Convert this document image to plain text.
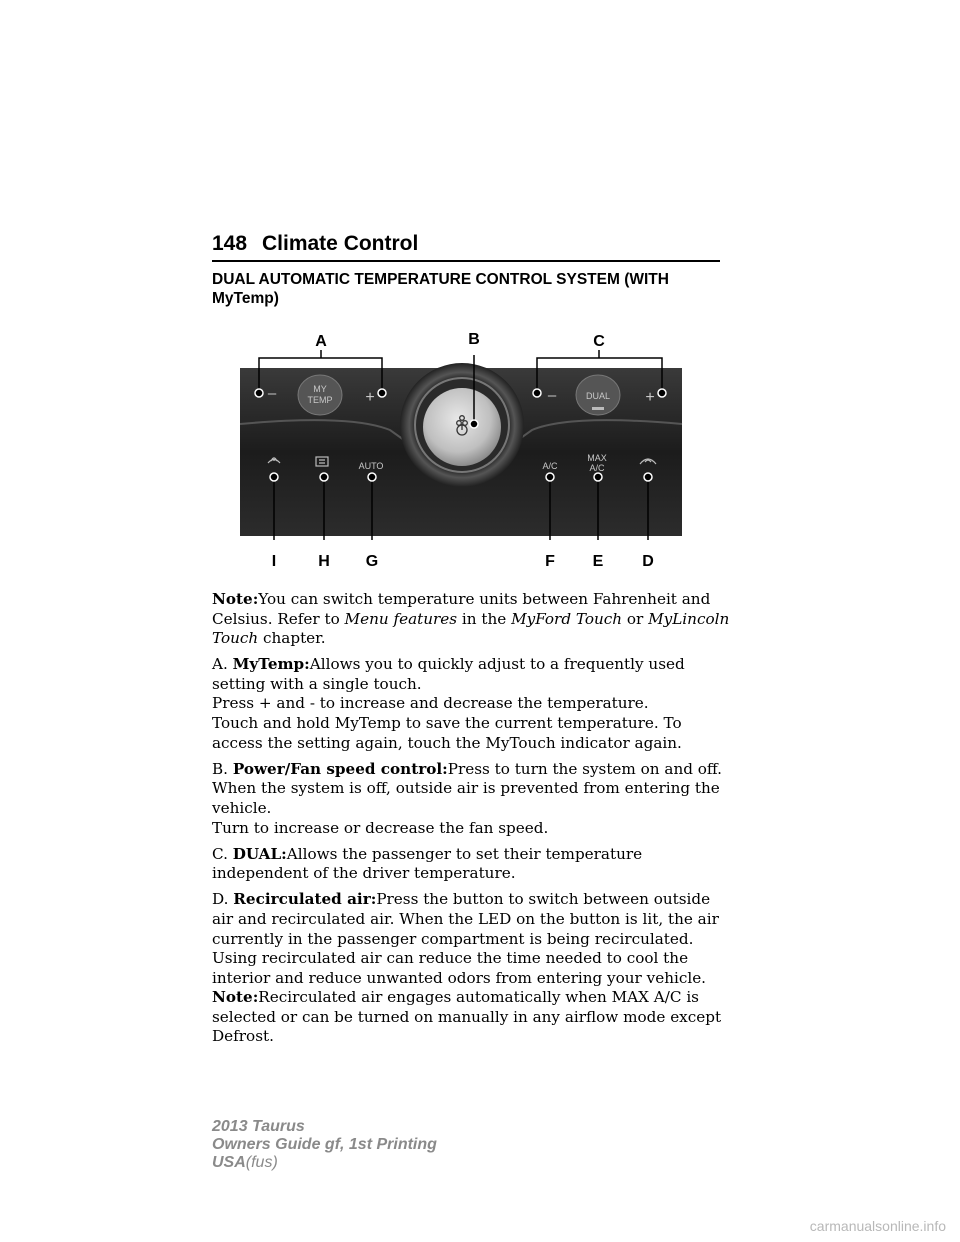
148 Climate Control
DUAL AUTOMATIC TEMPERATURE CONTROL SYSTEM (WITH MyTemp)
MY
TEMP
–	+	DUAL
–	+
AUTO	A/C
MAX
A/C
A	B	C
I	H G	F E D

Note:You can switch temperature units between Fahrenheit and Celsius. Refer to Menu features in the MyFord Touch or MyLincoln Touch chapter.

A. MyTemp:Allows you to quickly adjust to a frequently used setting with a single touch.

Press + and - to increase and decrease the temperature.

Touch and hold MyTemp to save the current temperature. To access the setting again, touch the MyTouch indicator again.

B. Power/Fan speed control:Press to turn the system on and off. When the system is off, outside air is prevented from entering the vehicle.

Turn to increase or decrease the fan speed.

C. DUAL:Allows the passenger to set their temperature independent of the driver temperature.

D. Recirculated air:Press the button to switch between outside air and recirculated air. When the LED on the button is lit, the air currently in the passenger compartment is being recirculated. Using recirculated air can reduce the time needed to cool the interior and reduce unwanted odors from entering your vehicle.

Note:Recirculated air engages automatically when MAX A/C is selected or can be turned on manually in any airflow mode except Defrost.

2013 Taurus
Owners Guide gf, 1st Printing
USA(fus)
carmanualsonline.info
